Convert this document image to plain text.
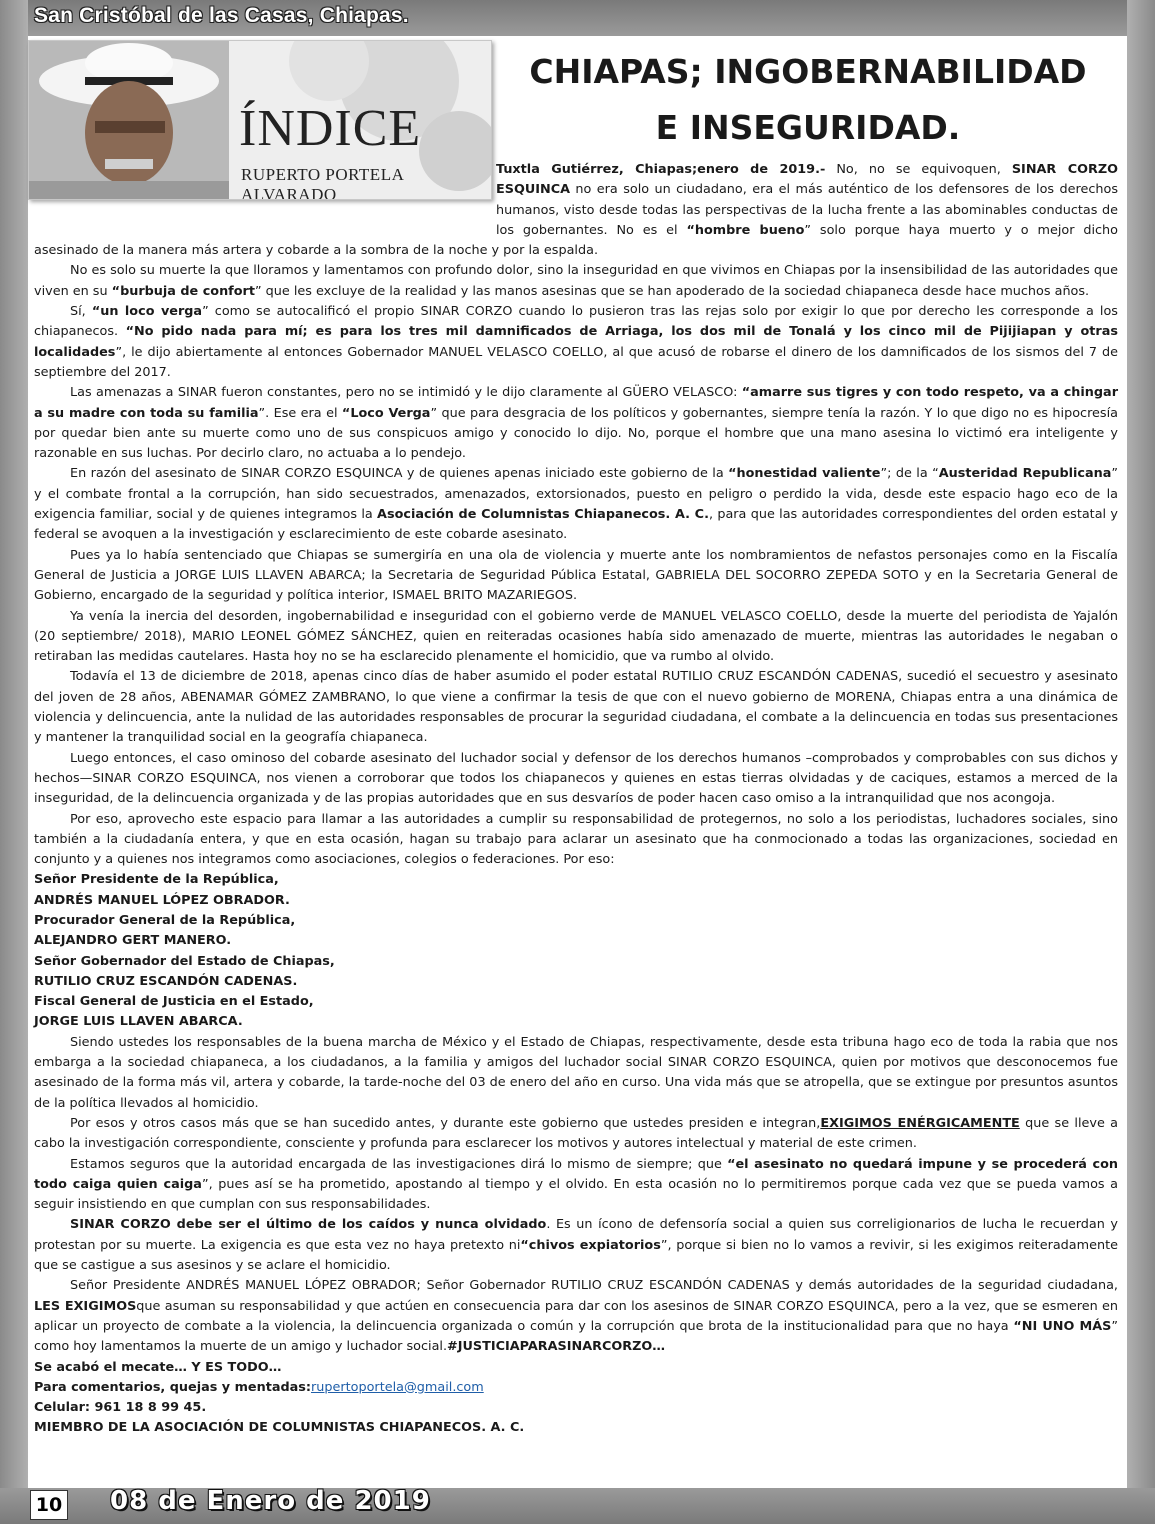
San Cristóbal de las Casas, Chiapas.
ÍNDICE
RUPERTO PORTELA ALVARADO
CHIAPAS; INGOBERNABILIDAD
E INSEGURIDAD.

Tuxtla Gutiérrez, Chiapas;enero de 2019.- No, no se equivoquen, SINAR CORZO ESQUINCA no era solo un ciudadano, era el más auténtico de los defensores de los derechos humanos, visto desde todas las perspectivas de la lucha frente a las abominables conductas de los gobernantes. No es el “hombre bueno” solo porque haya muerto y o mejor dicho asesinado de la manera más artera y cobarde a la sombra de la noche y por la espalda.

No es solo su muerte la que lloramos y lamentamos con profundo dolor, sino la inseguridad en que vivimos en Chiapas por la insensibilidad de las autoridades que viven en su “burbuja de confort” que les excluye de la realidad y las manos asesinas que se han apoderado de la sociedad chiapaneca desde hace muchos años.

Sí, “un loco verga” como se autocalificó el propio SINAR CORZO cuando lo pusieron tras las rejas solo por exigir lo que por derecho les corresponde a los chiapanecos. “No pido nada para mí; es para los tres mil damnificados de Arriaga, los dos mil de Tonalá y los cinco mil de Pijijiapan y otras localidades”, le dijo abiertamente al entonces Gobernador MANUEL VELASCO COELLO, al que acusó de robarse el dinero de los damnificados de los sismos del 7 de septiembre del 2017.

Las amenazas a SINAR fueron constantes, pero no se intimidó y le dijo claramente al GÜERO VELASCO: “amarre sus tigres y con todo respeto, va a chingar a su madre con toda su familia”. Ese era el “Loco Verga” que para desgracia de los políticos y gobernantes, siempre tenía la razón. Y lo que digo no es hipocresía por quedar bien ante su muerte como uno de sus conspicuos amigo y conocido lo dijo. No, porque el hombre que una mano asesina lo victimó era inteligente y razonable en sus luchas. Por decirlo claro, no actuaba a lo pendejo.

En razón del asesinato de SINAR CORZO ESQUINCA y de quienes apenas iniciado este gobierno de la “honestidad valiente”; de la “Austeridad Republicana” y el combate frontal a la corrupción, han sido secuestrados, amenazados, extorsionados, puesto en peligro o perdido la vida, desde este espacio hago eco de la exigencia familiar, social y de quienes integramos la Asociación de Columnistas Chiapanecos. A. C., para que las autoridades correspondientes del orden estatal y federal se avoquen a la investigación y esclarecimiento de este cobarde asesinato.

Pues ya lo había sentenciado que Chiapas se sumergiría en una ola de violencia y muerte ante los nombramientos de nefastos personajes como en la Fiscalía General de Justicia a JORGE LUIS LLAVEN ABARCA; la Secretaria de Seguridad Pública Estatal, GABRIELA DEL SOCORRO ZEPEDA SOTO y en la Secretaria General de Gobierno, encargado de la seguridad y política interior, ISMAEL BRITO MAZARIEGOS.

Ya venía la inercia del desorden, ingobernabilidad e inseguridad con el gobierno verde de MANUEL VELASCO COELLO, desde la muerte del periodista de Yajalón (20 septiembre/ 2018), MARIO LEONEL GÓMEZ SÁNCHEZ, quien en reiteradas ocasiones había sido amenazado de muerte, mientras las autoridades le negaban o retiraban las medidas cautelares. Hasta hoy no se ha esclarecido plenamente el homicidio, que va rumbo al olvido.

Todavía el 13 de diciembre de 2018, apenas cinco días de haber asumido el poder estatal RUTILIO CRUZ ESCANDÓN CADENAS, sucedió el secuestro y asesinato del joven de 28 años, ABENAMAR GÓMEZ ZAMBRANO, lo que viene a confirmar la tesis de que con el nuevo gobierno de MORENA, Chiapas entra a una dinámica de violencia y delincuencia, ante la nulidad de las autoridades responsables de procurar la seguridad ciudadana, el combate a la delincuencia en todas sus presentaciones y mantener la tranquilidad social en la geografía chiapaneca.

Luego entonces, el caso ominoso del cobarde asesinato del luchador social y defensor de los derechos humanos –comprobados y comprobables con sus dichos y hechos—SINAR CORZO ESQUINCA, nos vienen a corroborar que todos los chiapanecos y quienes en estas tierras olvidadas y de caciques, estamos a merced de la inseguridad, de la delincuencia organizada y de las propias autoridades que en sus desvaríos de poder hacen caso omiso a la intranquilidad que nos acongoja.

Por eso, aprovecho este espacio para llamar a las autoridades a cumplir su responsabilidad de protegernos, no solo a los periodistas, luchadores sociales, sino también a la ciudadanía entera, y que en esta ocasión, hagan su trabajo para aclarar un asesinato que ha conmocionado a todas las organizaciones, sociedad en conjunto y a quienes nos integramos como asociaciones, colegios o federaciones. Por eso:

Señor Presidente de la República,
ANDRÉS MANUEL LÓPEZ OBRADOR.
Procurador General de la República,
ALEJANDRO GERT MANERO.
Señor Gobernador del Estado de Chiapas,
RUTILIO CRUZ ESCANDÓN CADENAS.
Fiscal General de Justicia en el Estado,
JORGE LUIS LLAVEN ABARCA.

Siendo ustedes los responsables de la buena marcha de México y el Estado de Chiapas, respectivamente, desde esta tribuna hago eco de toda la rabia que nos embarga a la sociedad chiapaneca, a los ciudadanos, a la familia y amigos del luchador social SINAR CORZO ESQUINCA, quien por motivos que desconocemos fue asesinado de la forma más vil, artera y cobarde, la tarde-noche del 03 de enero del año en curso. Una vida más que se atropella, que se extingue por presuntos asuntos de la política llevados al homicidio.

Por esos y otros casos más que se han sucedido antes, y durante este gobierno que ustedes presiden e integran,EXIGIMOS ENÉRGICAMENTE que se lleve a cabo la investigación correspondiente, consciente y profunda para esclarecer los motivos y autores intelectual y material de este crimen.

Estamos seguros que la autoridad encargada de las investigaciones dirá lo mismo de siempre; que “el asesinato no quedará impune y se procederá con todo caiga quien caiga”, pues así se ha prometido, apostando al tiempo y el olvido. En esta ocasión no lo permitiremos porque cada vez que se pueda vamos a seguir insistiendo en que cumplan con sus responsabilidades.

SINAR CORZO debe ser el último de los caídos y nunca olvidado. Es un ícono de defensoría social a quien sus correligionarios de lucha le recuerdan y protestan por su muerte. La exigencia es que esta vez no haya pretexto ni“chivos expiatorios”, porque si bien no lo vamos a revivir, si les exigimos reiteradamente que se castigue a sus asesinos y se aclare el homicidio.

Señor Presidente ANDRÉS MANUEL LÓPEZ OBRADOR; Señor Gobernador RUTILIO CRUZ ESCANDÓN CADENAS y demás autoridades de la seguridad ciudadana, LES EXIGIMOSque asuman su responsabilidad y que actúen en consecuencia para dar con los asesinos de SINAR CORZO ESQUINCA, pero a la vez, que se esmeren en aplicar un proyecto de combate a la violencia, la delincuencia organizada o común y la corrupción que brota de la institucionalidad para que no haya “NI UNO MÁS” como hoy lamentamos la muerte de un amigo y luchador social.#JUSTICIAPARASINARCORZO…

Se acabó el mecate… Y ES TODO…
Para comentarios, quejas y mentadas:rupertoportela@gmail.com
Celular: 961 18 8 99 45.
MIEMBRO DE LA ASOCIACIÓN DE COLUMNISTAS CHIAPANECOS. A. C.
10 08 de Enero de 2019
